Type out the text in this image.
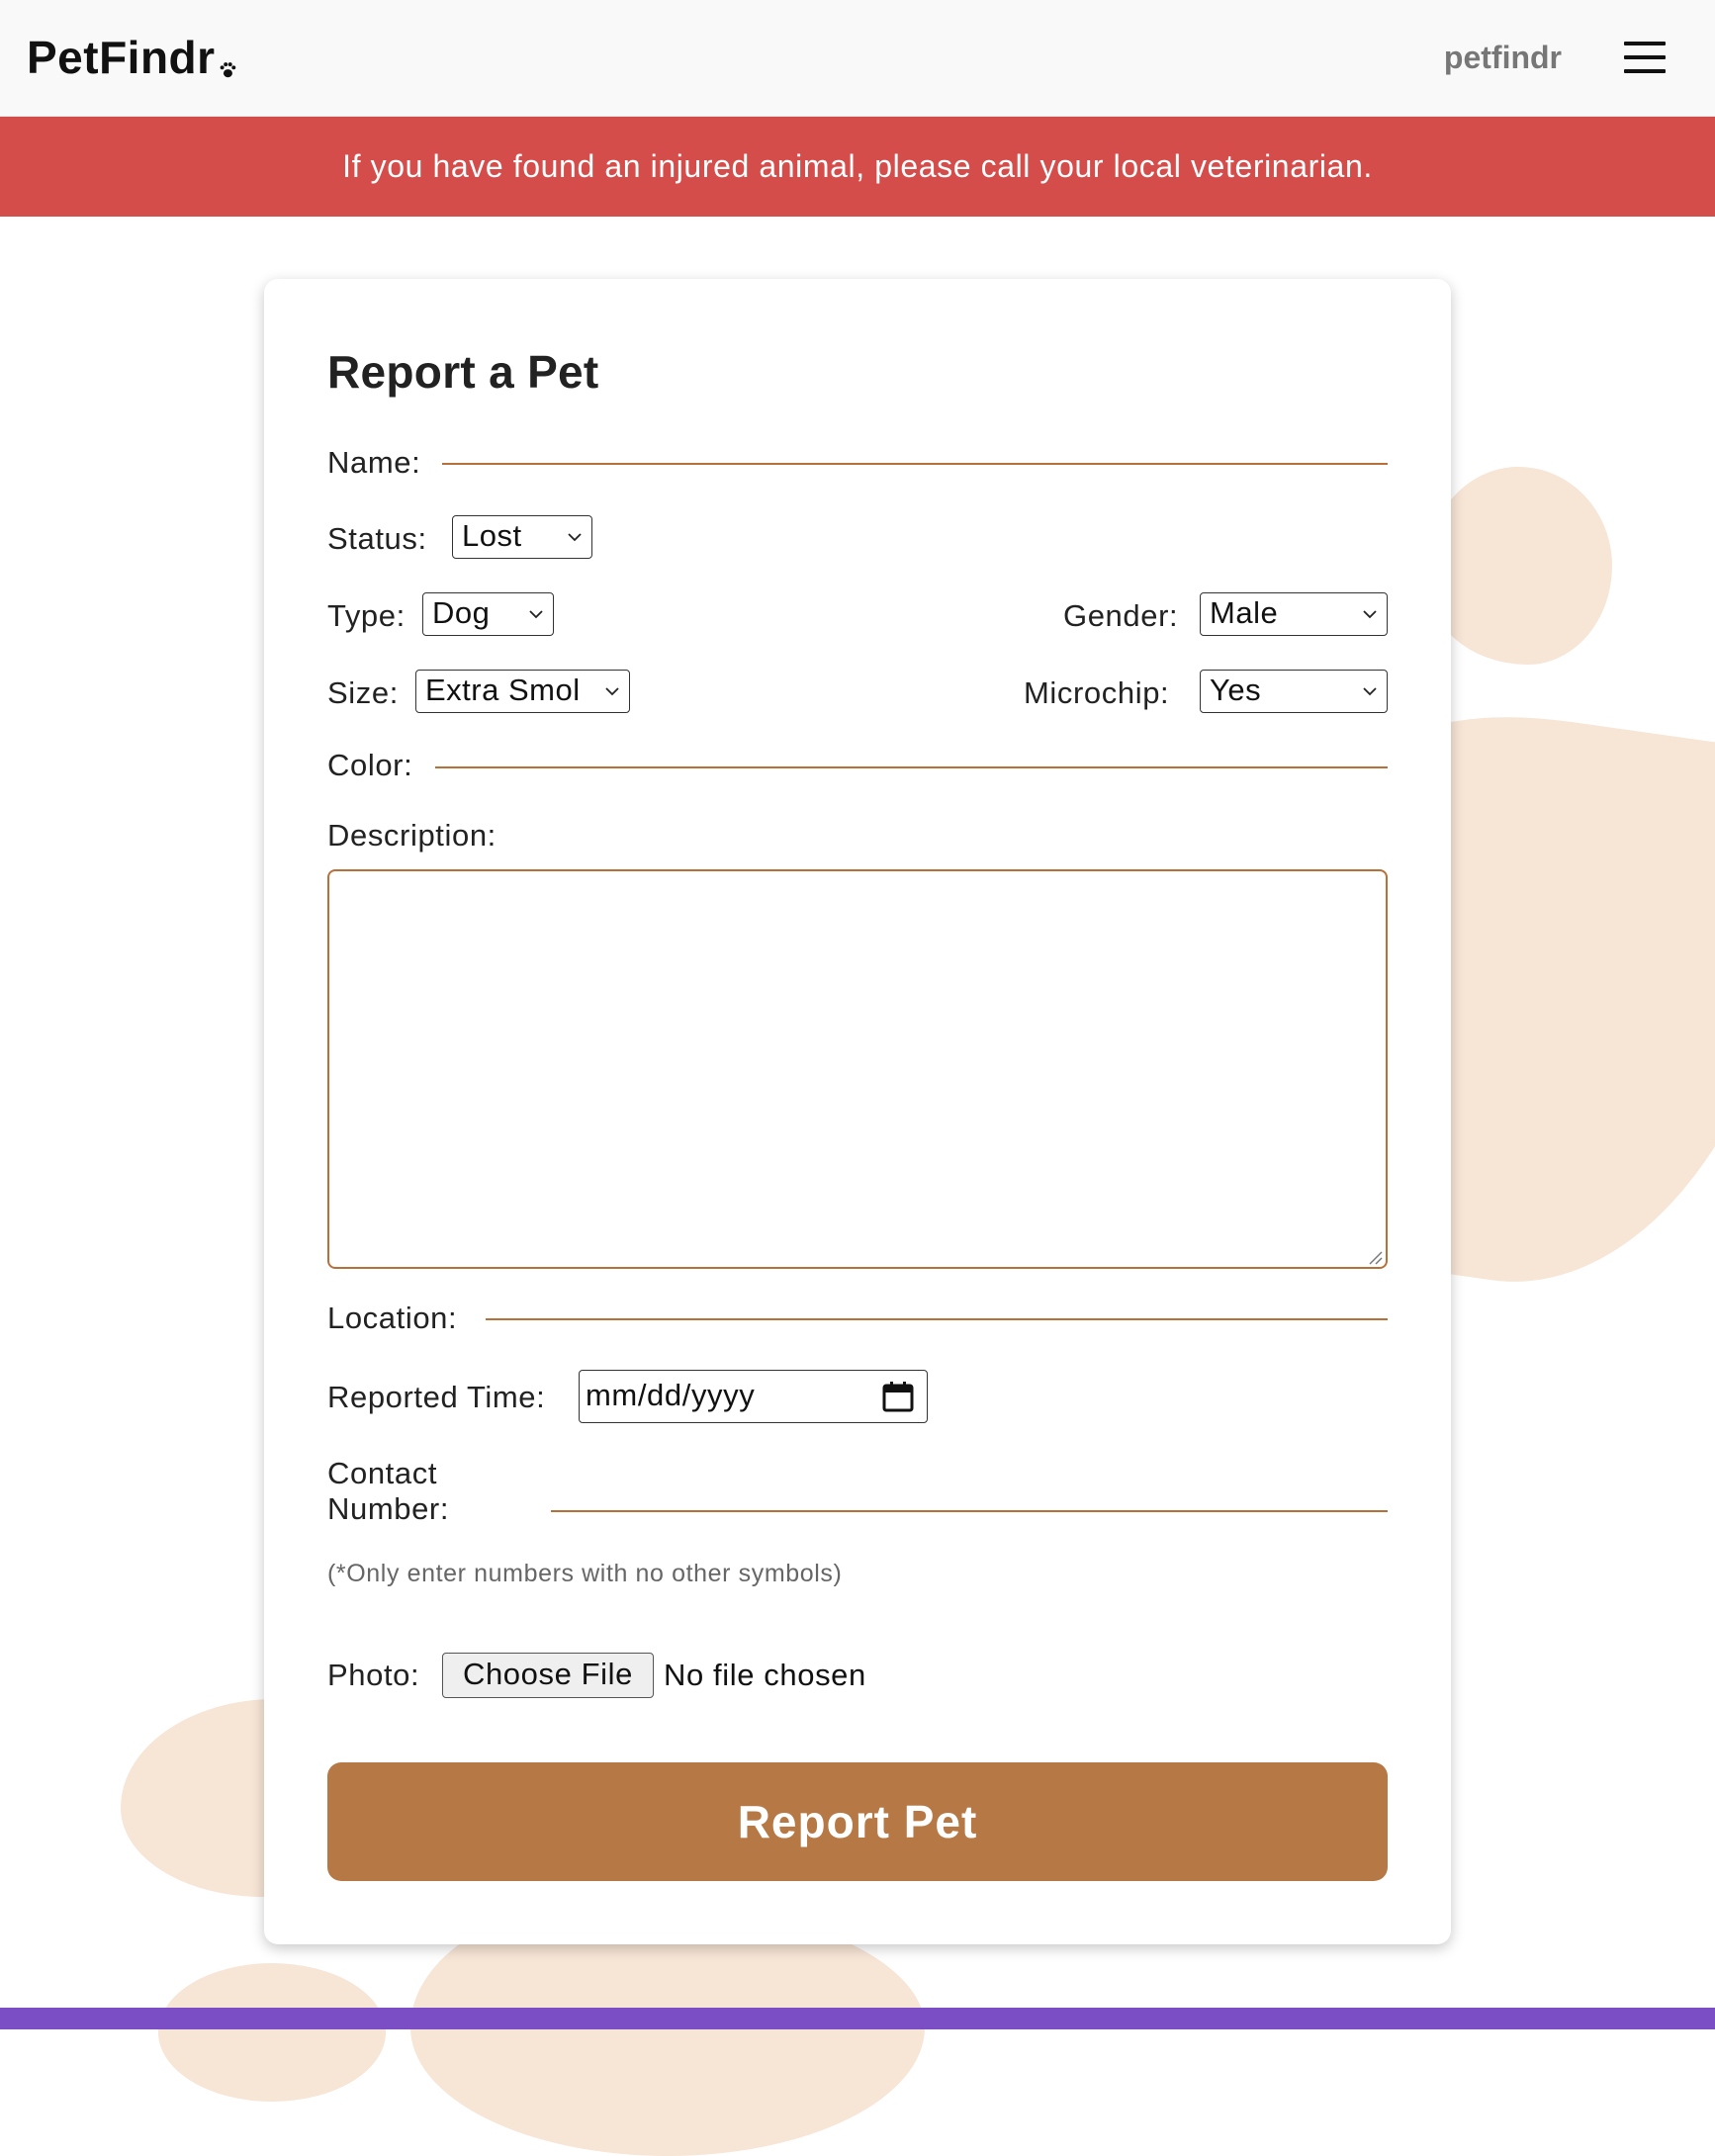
PetFindr	petfindr
If you have found an injured animal, please call your local veterinarian.
Report a Pet
Name:
Status:	Lost
Type: Dog	Gender:	Male
Size: Extra Smol	Microchip:	Yes
Color:
Description:
Location:
Reported Time: mm/dd/yyyy
Contact
Number:
(*Only enter numbers with no other symbols)
Photo:	Choose File	No file chosen
Report Pet
